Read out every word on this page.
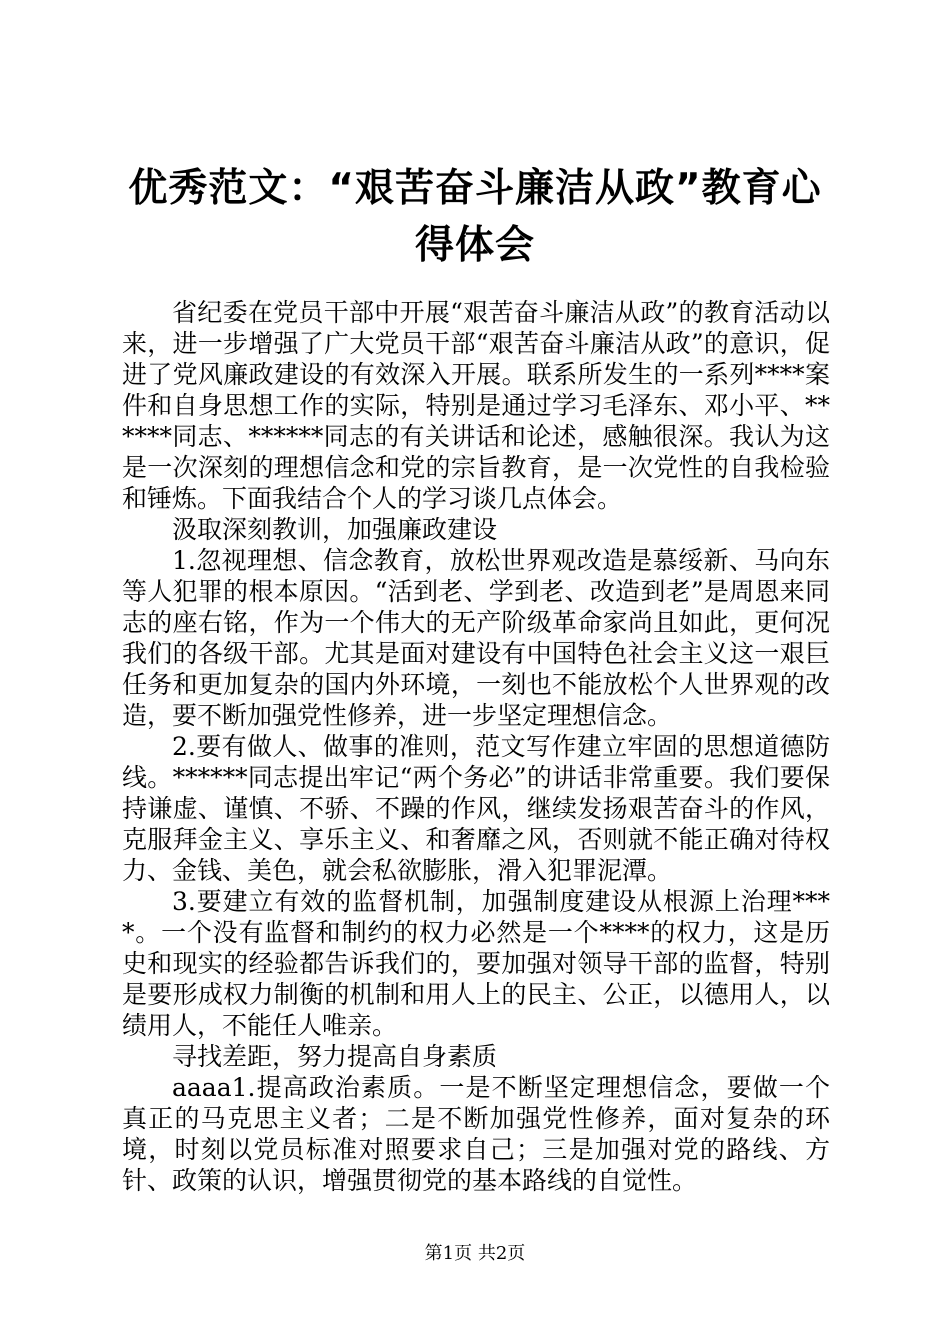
优秀范文：“艰苦奋斗廉洁从政”教育心得体会

省纪委在党员干部中开展“艰苦奋斗廉洁从政”的教育活动以来，进一步增强了广大党员干部“艰苦奋斗廉洁从政”的意识，促进了党风廉政建设的有效深入开展。联系所发生的一系列****案件和自身思想工作的实际，特别是通过学习毛泽东、邓小平、******同志、******同志的有关讲话和论述，感触很深。我认为这是一次深刻的理想信念和党的宗旨教育，是一次党性的自我检验和锤炼。下面我结合个人的学习谈几点体会。

汲取深刻教训，加强廉政建设

1.忽视理想、信念教育，放松世界观改造是慕绥新、马向东等人犯罪的根本原因。“活到老、学到老、改造到老”是周恩来同志的座右铭，作为一个伟大的无产阶级革命家尚且如此，更何况我们的各级干部。尤其是面对建设有中国特色社会主义这一艰巨任务和更加复杂的国内外环境，一刻也不能放松个人世界观的改造，要不断加强党性修养，进一步坚定理想信念。

2.要有做人、做事的准则，范文写作建立牢固的思想道德防线。******同志提出牢记“两个务必”的讲话非常重要。我们要保持谦虚、谨慎、不骄、不躁的作风，继续发扬艰苦奋斗的作风，克服拜金主义、享乐主义、和奢靡之风，否则就不能正确对待权力、金钱、美色，就会私欲膨胀，滑入犯罪泥潭。

3.要建立有效的监督机制，加强制度建设从根源上治理****。一个没有监督和制约的权力必然是一个****的权力，这是历史和现实的经验都告诉我们的，要加强对领导干部的监督，特别是要形成权力制衡的机制和用人上的民主、公正，以德用人，以绩用人，不能任人唯亲。

寻找差距，努力提高自身素质

aaaa1.提高政治素质。一是不断坚定理想信念，要做一个真正的马克思主义者；二是不断加强党性修养，面对复杂的环境，时刻以党员标准对照要求自己；三是加强对党的路线、方针、政策的认识，增强贯彻党的基本路线的自觉性。

第1页 共2页
